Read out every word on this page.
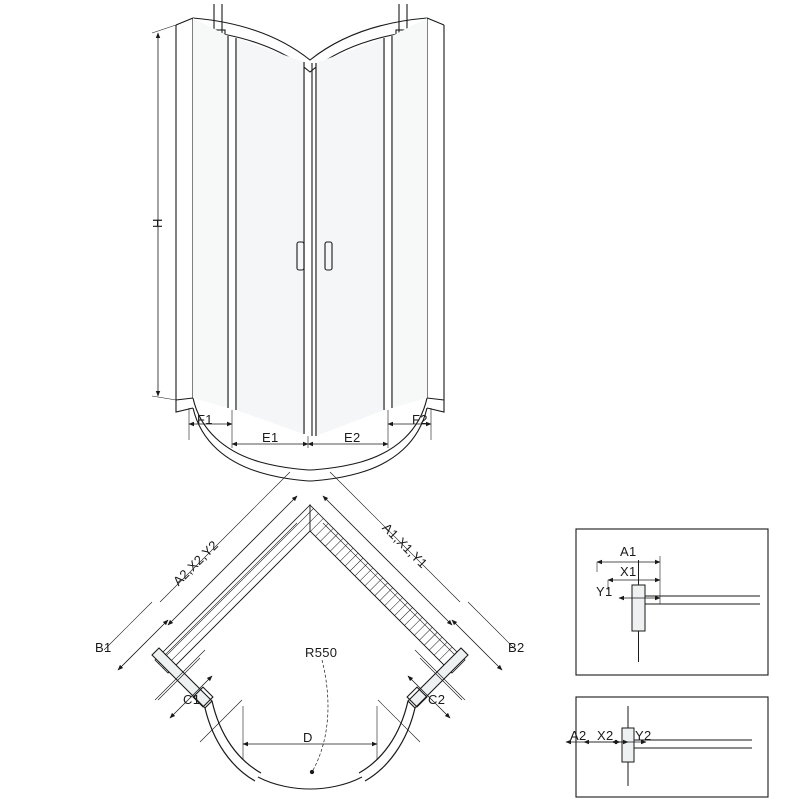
H
F1
E1	E2
F2
A2,X2,Y2	A1,X1,Y1
B1	B2
C1	C2
R550
D
A1
X1
Y1
A2 X2 Y2
